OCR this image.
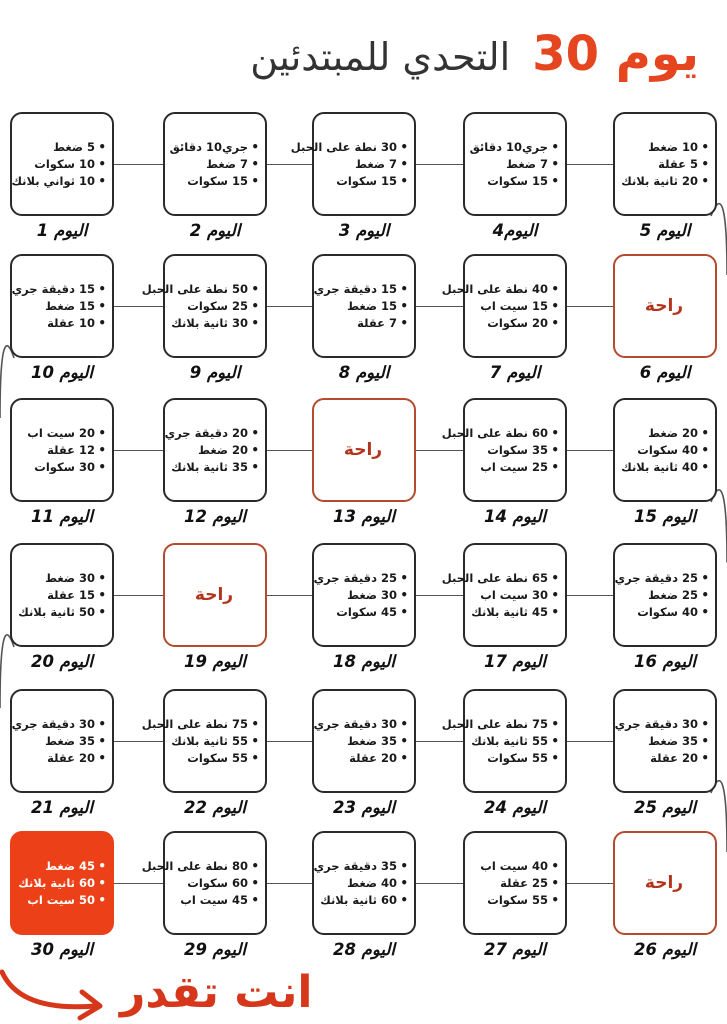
التحدي للمبتدئين 30 يوم
• 5 ضغط
• 10 سكوات
• 10 ثواني بلانك
اليوم 1
• جري10 دقائق
• 7 ضغط
• 15 سكوات
اليوم 2
• 30 نطة على الحبل
• 7 ضغط
• 15 سكوات
اليوم 3
• جري10 دقائق
• 7 ضغط
• 15 سكوات
اليوم4
• 10 ضغط
• 5 عقلة
• 20 ثانية بلانك
اليوم 5
راحة
اليوم 6
• 40 نطة على الحبل
• 15 سيت اب
• 20 سكوات
اليوم 7
• 15 دقيقة جري
• 15 ضغط
• 7 عقلة
اليوم 8
• 50 نطة على الحبل
• 25 سكوات
• 30 ثانية بلانك
اليوم 9
• 15 دقيقة جري
• 15 ضغط
• 10 عقلة
اليوم 10
• 20 سيت اب
• 12 عقلة
• 30 سكوات
اليوم 11
• 20 دقيقة جري
• 20 ضغط
• 35 ثانية بلانك
اليوم 12
راحة
اليوم 13
• 60 نطة على الحبل
• 35 سكوات
• 25 سيت اب
اليوم 14
• 20 ضغط
• 40 سكوات
• 40 ثانية بلانك
اليوم 15
• 25 دقيقة جري
• 25 ضغط
• 40 سكوات
اليوم 16
• 65 نطة على الحبل
• 30 سيت اب
• 45 ثانية بلانك
اليوم 17
• 25 دقيقة جري
• 30 ضغط
• 45 سكوات
اليوم 18
راحة
اليوم 19
• 30 ضغط
• 15 عقلة
• 50 ثانية بلانك
اليوم 20
• 30 دقيقة جري
• 35 ضغط
• 20 عقلة
اليوم 21
• 75 نطة على الحبل
• 55 ثانية بلانك
• 55 سكوات
اليوم 22
• 30 دقيقة جري
• 35 ضغط
• 20 عقلة
اليوم 23
• 75 نطة على الحبل
• 55 ثانية بلانك
• 55 سكوات
اليوم 24
• 30 دقيقة جري
• 35 ضغط
• 20 عقلة
اليوم 25
راحة
اليوم 26
• 40 سيت اب
• 25 عقلة
• 55 سكوات
اليوم 27
• 35 دقيقة جري
• 40 ضغط
• 60 ثانية بلانك
اليوم 28
• 80 نطة على الحبل
• 60 سكوات
• 45 سيت اب
اليوم 29
• 45 ضغط
• 60 ثانية بلانك
• 50 سيت اب
اليوم 30
انت تقدر
